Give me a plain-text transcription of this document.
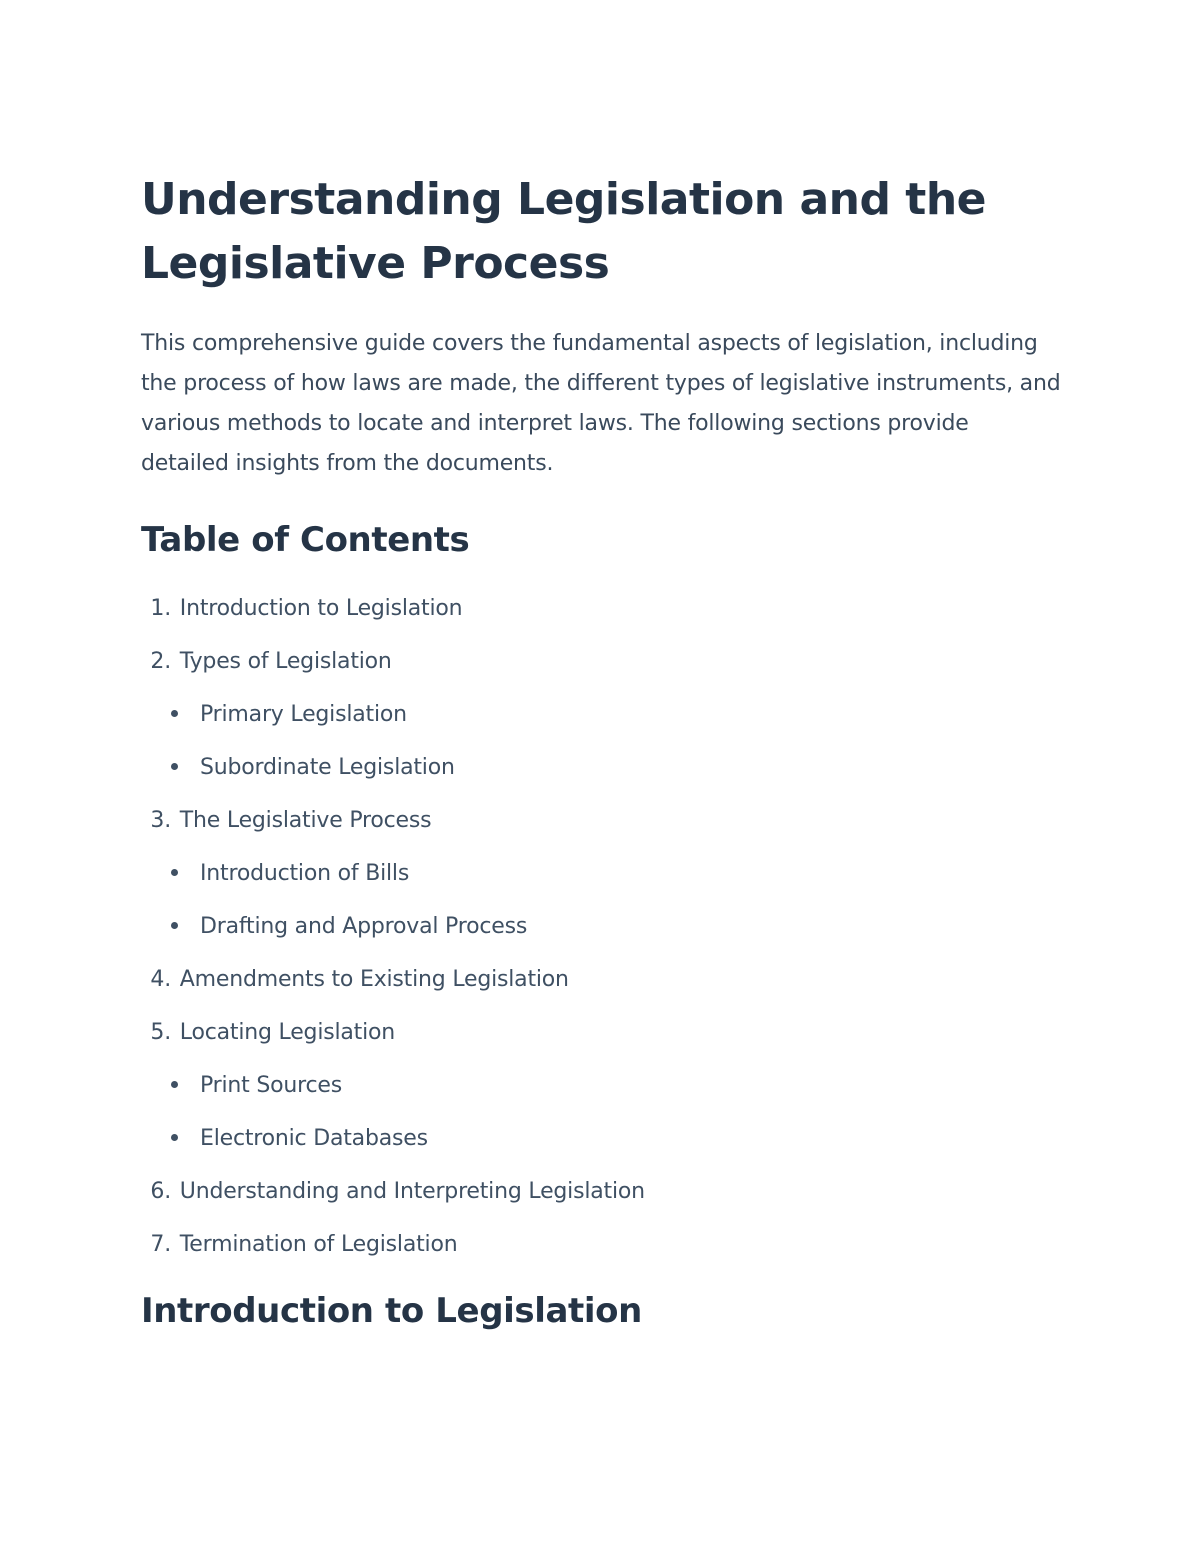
Understanding Legislation and the Legislative Process

This comprehensive guide covers the fundamental aspects of legislation, including the process of how laws are made, the different types of legislative instruments, and various methods to locate and interpret laws. The following sections provide detailed insights from the documents.

Table of Contents
1. Introduction to Legislation
2. Types of Legislation
Primary Legislation
Subordinate Legislation
3. The Legislative Process
Introduction of Bills
Drafting and Approval Process
4. Amendments to Existing Legislation
5. Locating Legislation
Print Sources
Electronic Databases
6. Understanding and Interpreting Legislation
7. Termination of Legislation
Introduction to Legislation
